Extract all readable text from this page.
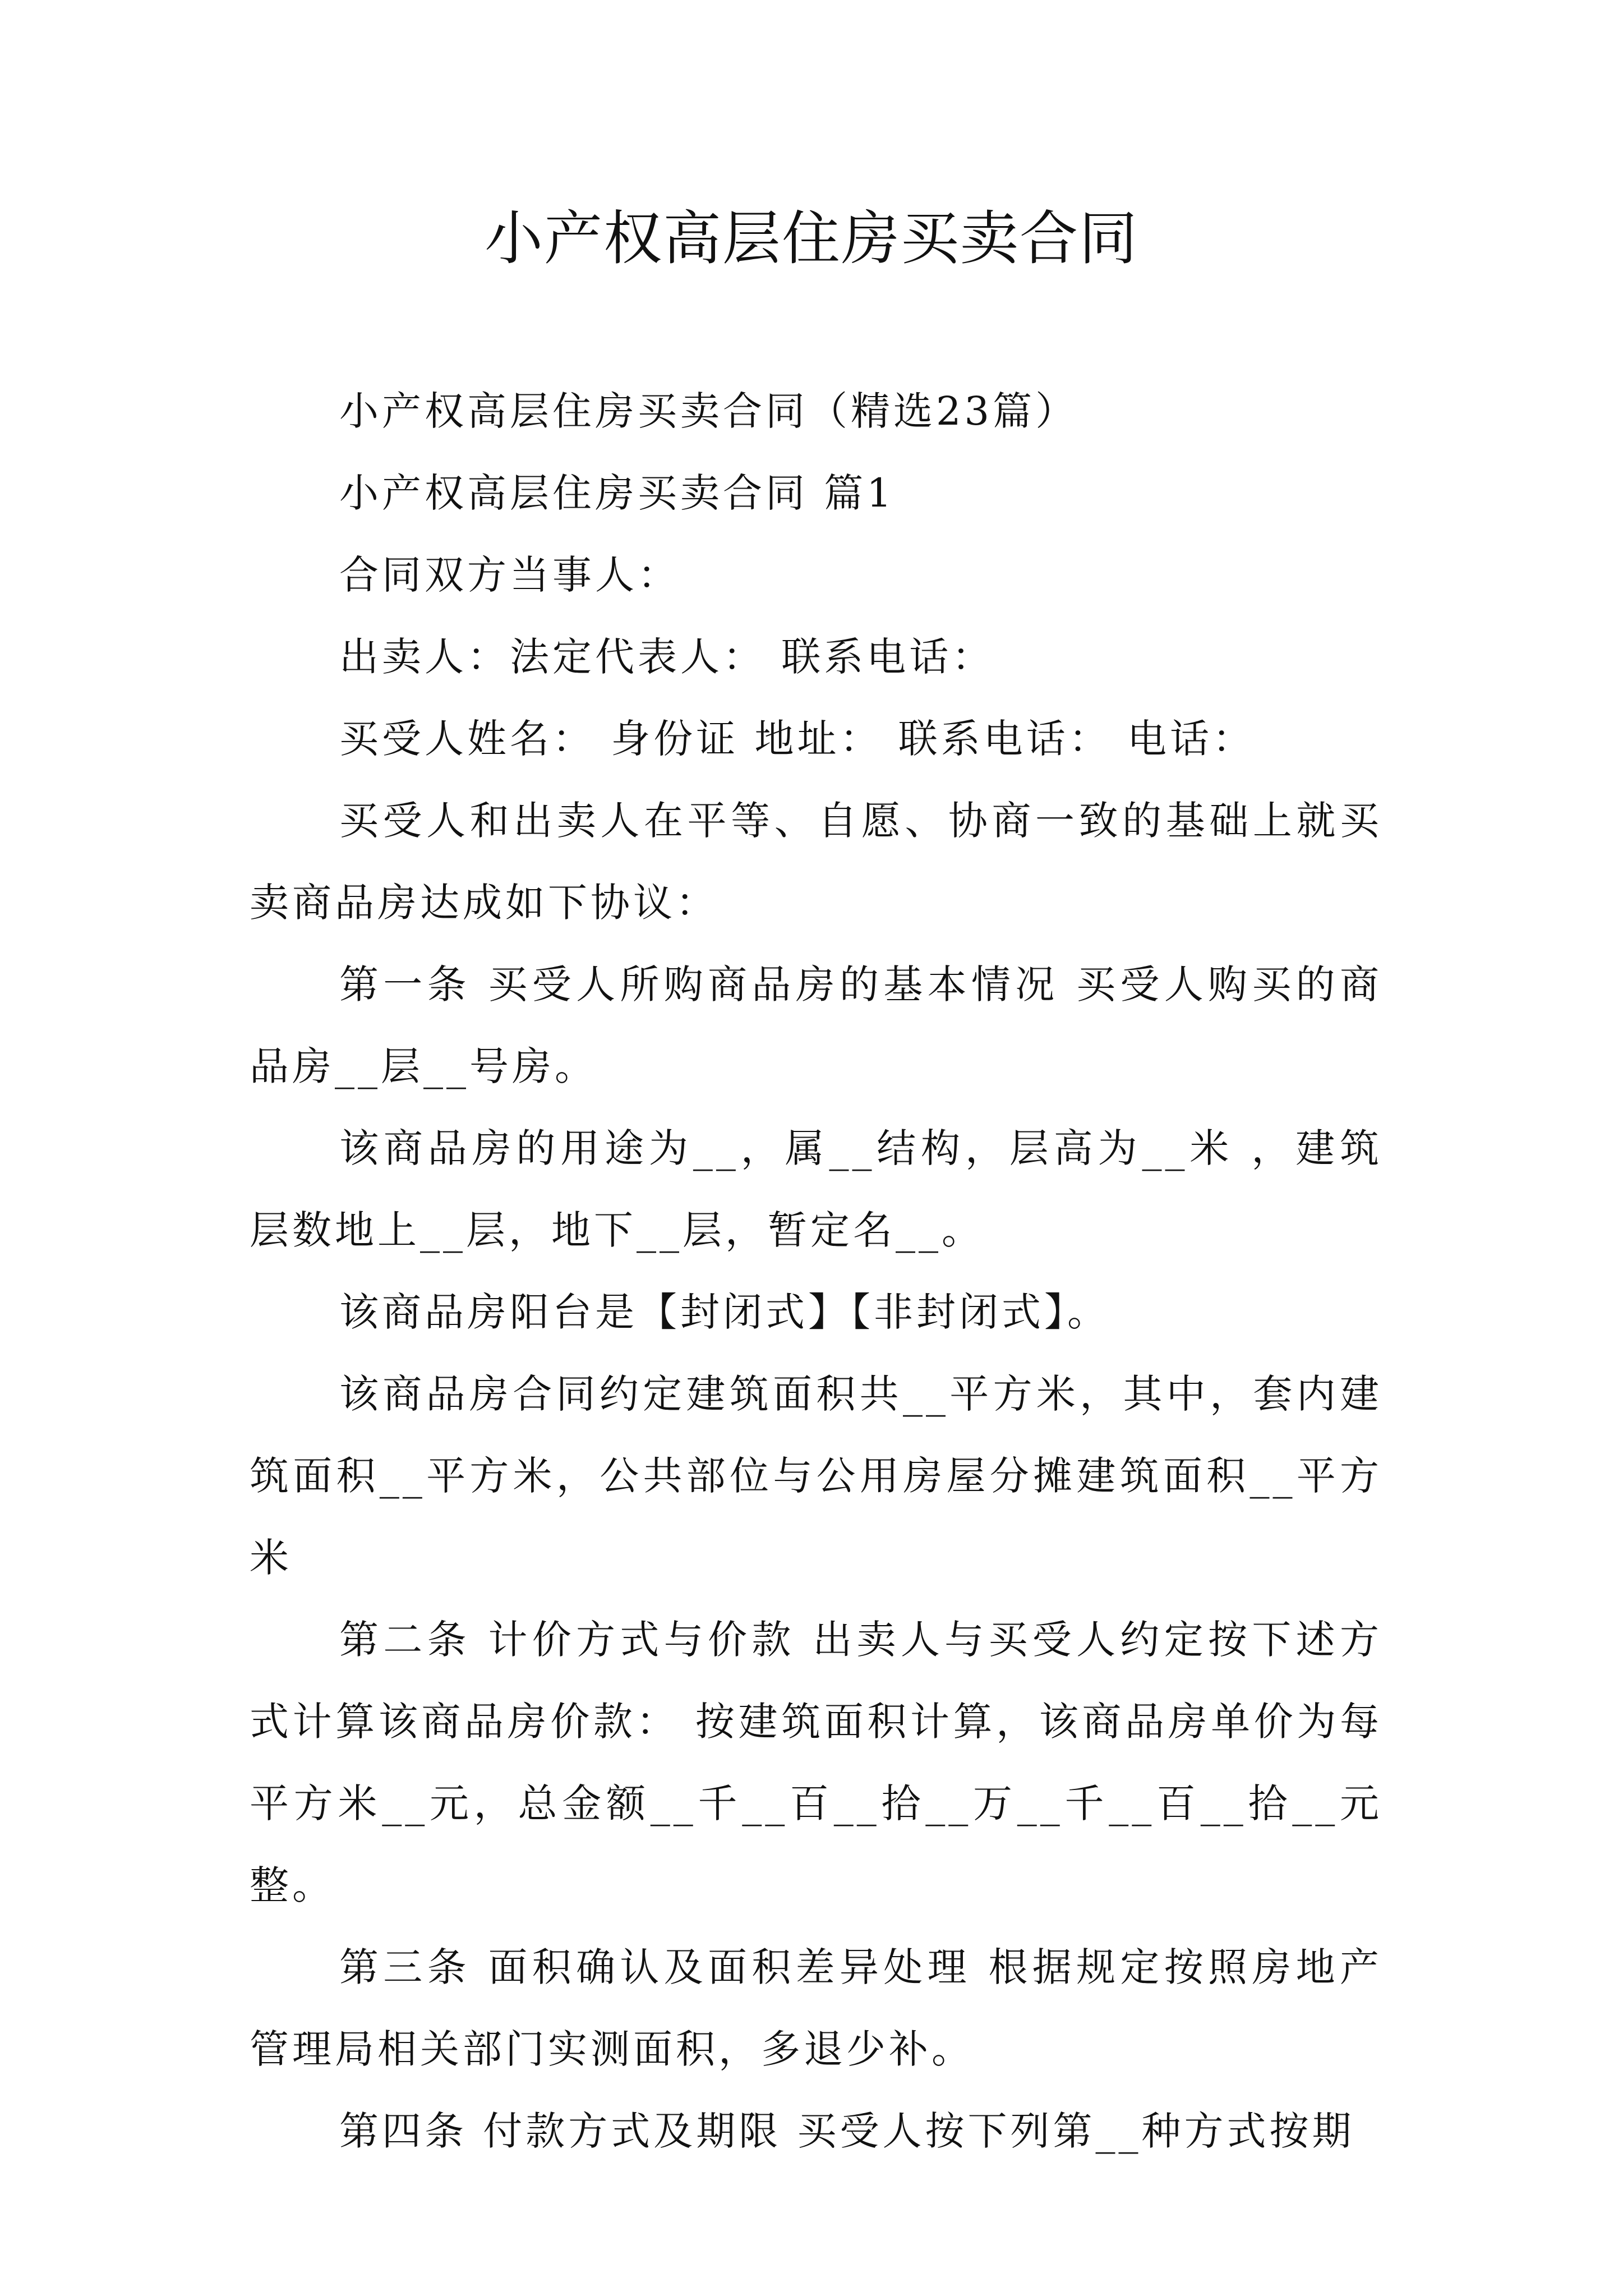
小产权高层住房买卖合同

小产权高层住房买卖合同（精选23篇）

小产权高层住房买卖合同 篇1

合同双方当事人：

出卖人：法定代表人： 联系电话：

买受人姓名： 身份证 地址： 联系电话： 电话：

买受人和出卖人在平等、自愿、协商一致的基础上就买卖商品房达成如下协议：

第一条 买受人所购商品房的基本情况 买受人购买的商品房__层__号房。

该商品房的用途为__，属__结构，层高为__米 ，建筑层数地上__层，地下__层，暂定名__。

该商品房阳台是【封闭式】【非封闭式】。

该商品房合同约定建筑面积共__平方米，其中，套内建筑面积__平方米，公共部位与公用房屋分摊建筑面积__平方米

第二条 计价方式与价款 出卖人与买受人约定按下述方式计算该商品房价款： 按建筑面积计算，该商品房单价为每平方米__元，总金额__千__百__拾__万__千__百__拾__元整。

第三条 面积确认及面积差异处理 根据规定按照房地产管理局相关部门实测面积，多退少补。

第四条 付款方式及期限 买受人按下列第__种方式按期
